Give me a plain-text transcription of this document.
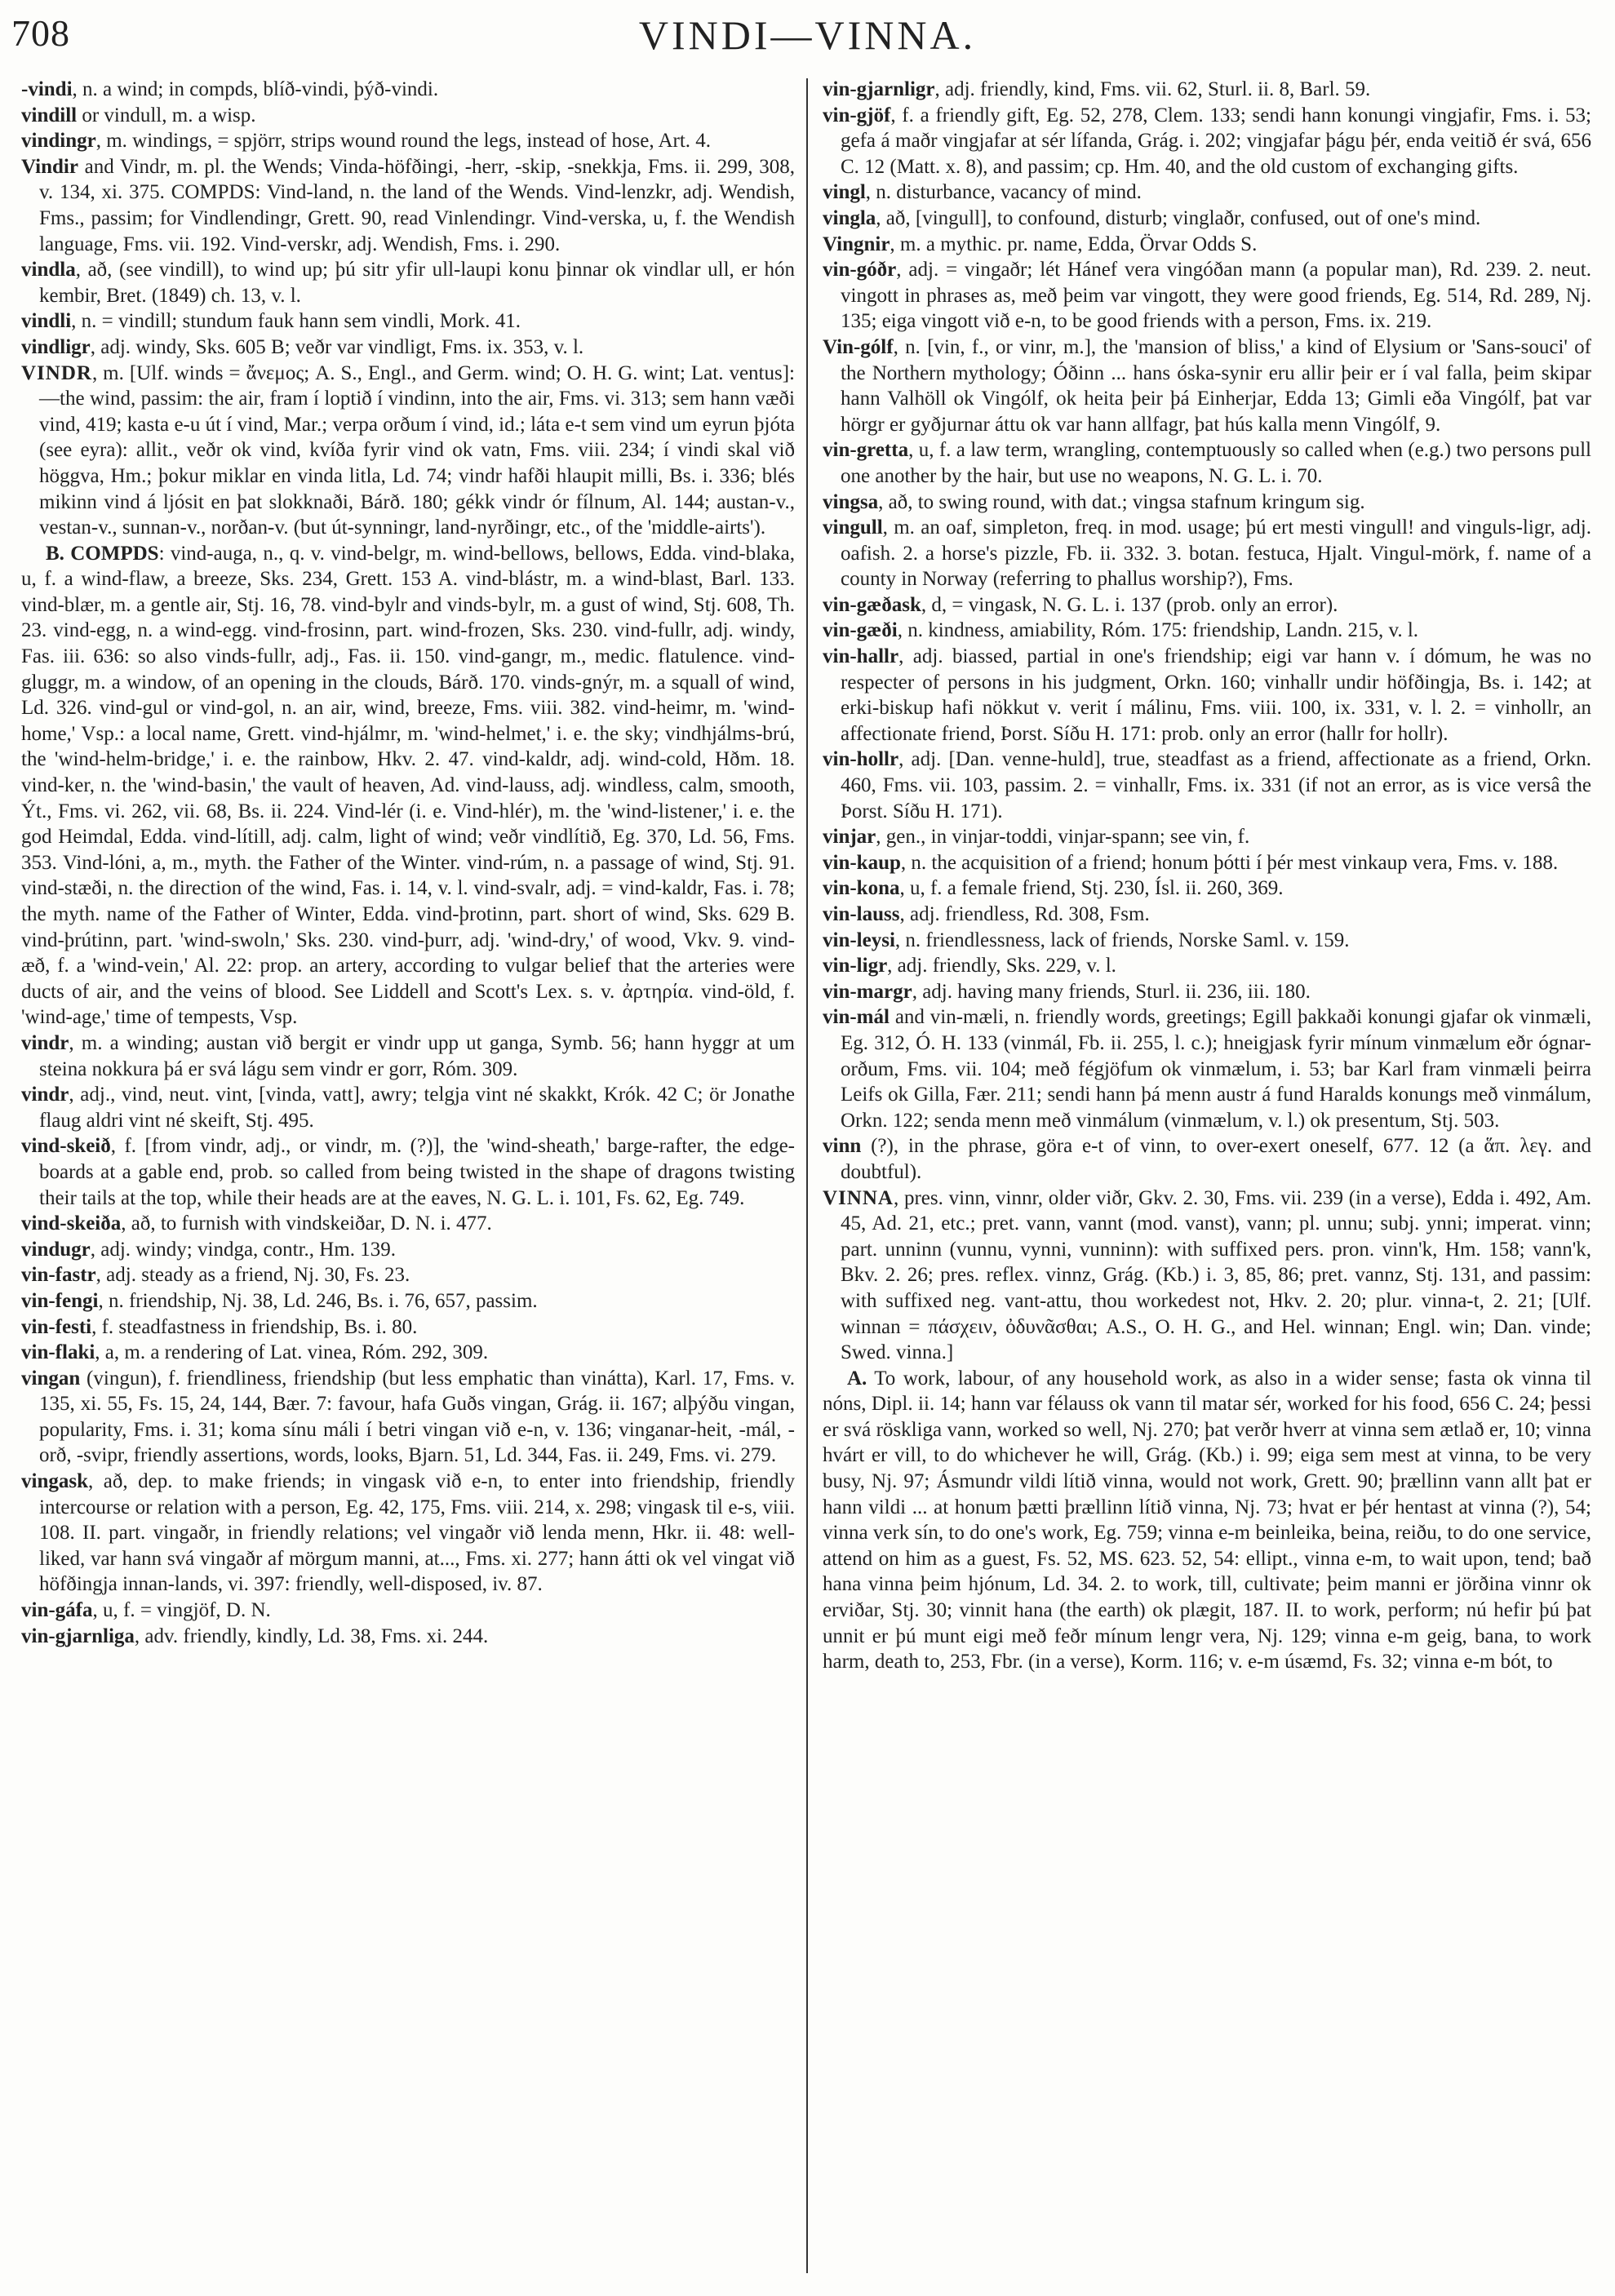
708	VINDI—VINNA.

-vindi, n. a wind; in compds, blíð-vindi, þýð-vindi.

vindill or vindull, m. a wisp.

vindingr, m. windings, = spjörr, strips wound round the legs, instead of hose, Art. 4.

Vindir and Vindr, m. pl. the Wends; Vinda-höfðingi, -herr, -skip, -snekkja, Fms. ii. 299, 308, v. 134, xi. 375. COMPDS: Vind-land, n. the land of the Wends. Vind-lenzkr, adj. Wendish, Fms., passim; for Vindlendingr, Grett. 90, read Vinlendingr. Vind-verska, u, f. the Wendish language, Fms. vii. 192. Vind-verskr, adj. Wendish, Fms. i. 290.

vindla, að, (see vindill), to wind up; þú sitr yfir ull-laupi konu þinnar ok vindlar ull, er hón kembir, Bret. (1849) ch. 13, v. l.

vindli, n. = vindill; stundum fauk hann sem vindli, Mork. 41.

vindligr, adj. windy, Sks. 605 B; veðr var vindligt, Fms. ix. 353, v. l.

VINDR, m. [Ulf. winds = ἄνεμος; A. S., Engl., and Germ. wind; O. H. G. wint; Lat. ventus]:—the wind, passim: the air, fram í loptið í vindinn, into the air, Fms. vi. 313; sem hann væði vind, 419; kasta e-u út í vind, Mar.; verpa orðum í vind, id.; láta e-t sem vind um eyrun þjóta (see eyra): allit., veðr ok vind, kvíða fyrir vind ok vatn, Fms. viii. 234; í vindi skal við höggva, Hm.; þokur miklar en vinda litla, Ld. 74; vindr hafði hlaupit milli, Bs. i. 336; blés mikinn vind á ljósit en þat slokknaði, Bárð. 180; gékk vindr ór fílnum, Al. 144; austan-v., vestan-v., sunnan-v., norðan-v. (but út-synningr, land-nyrðingr, etc., of the 'middle-airts').

B. COMPDS: vind-auga, n., q. v. vind-belgr, m. wind-bellows, bellows, Edda. vind-blaka, u, f. a wind-flaw, a breeze, Sks. 234, Grett. 153 A. vind-blástr, m. a wind-blast, Barl. 133. vind-blær, m. a gentle air, Stj. 16, 78. vind-bylr and vinds-bylr, m. a gust of wind, Stj. 608, Th. 23. vind-egg, n. a wind-egg. vind-frosinn, part. wind-frozen, Sks. 230. vind-fullr, adj. windy, Fas. iii. 636: so also vinds-fullr, adj., Fas. ii. 150. vind-gangr, m., medic. flatulence. vind-gluggr, m. a window, of an opening in the clouds, Bárð. 170. vinds-gnýr, m. a squall of wind, Ld. 326. vind-gul or vind-gol, n. an air, wind, breeze, Fms. viii. 382. vind-heimr, m. 'wind-home,' Vsp.: a local name, Grett. vind-hjálmr, m. 'wind-helmet,' i. e. the sky; vindhjálms-brú, the 'wind-helm-bridge,' i. e. the rainbow, Hkv. 2. 47. vind-kaldr, adj. wind-cold, Hðm. 18. vind-ker, n. the 'wind-basin,' the vault of heaven, Ad. vind-lauss, adj. windless, calm, smooth, Ýt., Fms. vi. 262, vii. 68, Bs. ii. 224. Vind-lér (i. e. Vind-hlér), m. the 'wind-listener,' i. e. the god Heimdal, Edda. vind-lítill, adj. calm, light of wind; veðr vindlítið, Eg. 370, Ld. 56, Fms. 353. Vind-lóni, a, m., myth. the Father of the Winter. vind-rúm, n. a passage of wind, Stj. 91. vind-stæði, n. the direction of the wind, Fas. i. 14, v. l. vind-svalr, adj. = vind-kaldr, Fas. i. 78; the myth. name of the Father of Winter, Edda. vind-þrotinn, part. short of wind, Sks. 629 B. vind-þrútinn, part. 'wind-swoln,' Sks. 230. vind-þurr, adj. 'wind-dry,' of wood, Vkv. 9. vind-æð, f. a 'wind-vein,' Al. 22: prop. an artery, according to vulgar belief that the arteries were ducts of air, and the veins of blood. See Liddell and Scott's Lex. s. v. ἀρτηρία. vind-öld, f. 'wind-age,' time of tempests, Vsp.

vindr, m. a winding; austan við bergit er vindr upp ut ganga, Symb. 56; hann hyggr at um steina nokkura þá er svá lágu sem vindr er gorr, Róm. 309.

vindr, adj., vind, neut. vint, [vinda, vatt], awry; telgja vint né skakkt, Krók. 42 C; ör Jonathe flaug aldri vint né skeift, Stj. 495.

vind-skeið, f. [from vindr, adj., or vindr, m. (?)], the 'wind-sheath,' barge-rafter, the edge-boards at a gable end, prob. so called from being twisted in the shape of dragons twisting their tails at the top, while their heads are at the eaves, N. G. L. i. 101, Fs. 62, Eg. 749.

vind-skeiða, að, to furnish with vindskeiðar, D. N. i. 477.

vindugr, adj. windy; vindga, contr., Hm. 139.

vin-fastr, adj. steady as a friend, Nj. 30, Fs. 23.

vin-fengi, n. friendship, Nj. 38, Ld. 246, Bs. i. 76, 657, passim.

vin-festi, f. steadfastness in friendship, Bs. i. 80.

vin-flaki, a, m. a rendering of Lat. vinea, Róm. 292, 309.

vingan (vingun), f. friendliness, friendship (but less emphatic than vinátta), Karl. 17, Fms. v. 135, xi. 55, Fs. 15, 24, 144, Bær. 7: favour, hafa Guðs vingan, Grág. ii. 167; alþýðu vingan, popularity, Fms. i. 31; koma sínu máli í betri vingan við e-n, v. 136; vinganar-heit, -mál, -orð, -svipr, friendly assertions, words, looks, Bjarn. 51, Ld. 344, Fas. ii. 249, Fms. vi. 279.

vingask, að, dep. to make friends; in vingask við e-n, to enter into friendship, friendly intercourse or relation with a person, Eg. 42, 175, Fms. viii. 214, x. 298; vingask til e-s, viii. 108. II. part. vingaðr, in friendly relations; vel vingaðr við lenda menn, Hkr. ii. 48: well-liked, var hann svá vingaðr af mörgum manni, at..., Fms. xi. 277; hann átti ok vel vingat við höfðingja innan-lands, vi. 397: friendly, well-disposed, iv. 87.

vin-gáfa, u, f. = vingjöf, D. N.

vin-gjarnliga, adv. friendly, kindly, Ld. 38, Fms. xi. 244.

vin-gjarnligr, adj. friendly, kind, Fms. vii. 62, Sturl. ii. 8, Barl. 59.

vin-gjöf, f. a friendly gift, Eg. 52, 278, Clem. 133; sendi hann konungi vingjafir, Fms. i. 53; gefa á maðr vingjafar at sér lífanda, Grág. i. 202; vingjafar þágu þér, enda veitið ér svá, 656 C. 12 (Matt. x. 8), and passim; cp. Hm. 40, and the old custom of exchanging gifts.

vingl, n. disturbance, vacancy of mind.

vingla, að, [vingull], to confound, disturb; vinglaðr, confused, out of one's mind.

Vingnir, m. a mythic. pr. name, Edda, Örvar Odds S.

vin-góðr, adj. = vingaðr; lét Hánef vera vingóðan mann (a popular man), Rd. 239. 2. neut. vingott in phrases as, með þeim var vingott, they were good friends, Eg. 514, Rd. 289, Nj. 135; eiga vingott við e-n, to be good friends with a person, Fms. ix. 219.

Vin-gólf, n. [vin, f., or vinr, m.], the 'mansion of bliss,' a kind of Elysium or 'Sans-souci' of the Northern mythology; Óðinn ... hans óska-synir eru allir þeir er í val falla, þeim skipar hann Valhöll ok Vingólf, ok heita þeir þá Einherjar, Edda 13; Gimli eða Vingólf, þat var hörgr er gyðjurnar áttu ok var hann allfagr, þat hús kalla menn Vingólf, 9.

vin-gretta, u, f. a law term, wrangling, contemptuously so called when (e.g.) two persons pull one another by the hair, but use no weapons, N. G. L. i. 70.

vingsa, að, to swing round, with dat.; vingsa stafnum kringum sig.

vingull, m. an oaf, simpleton, freq. in mod. usage; þú ert mesti vingull! and vinguls-ligr, adj. oafish. 2. a horse's pizzle, Fb. ii. 332. 3. botan. festuca, Hjalt. Vingul-mörk, f. name of a county in Norway (referring to phallus worship?), Fms.

vin-gæðask, d, = vingask, N. G. L. i. 137 (prob. only an error).

vin-gæði, n. kindness, amiability, Róm. 175: friendship, Landn. 215, v. l.

vin-hallr, adj. biassed, partial in one's friendship; eigi var hann v. í dómum, he was no respecter of persons in his judgment, Orkn. 160; vinhallr undir höfðingja, Bs. i. 142; at erki-biskup hafi nökkut v. verit í málinu, Fms. viii. 100, ix. 331, v. l. 2. = vinhollr, an affectionate friend, Þorst. Síðu H. 171: prob. only an error (hallr for hollr).

vin-hollr, adj. [Dan. venne-huld], true, steadfast as a friend, affectionate as a friend, Orkn. 460, Fms. vii. 103, passim. 2. = vinhallr, Fms. ix. 331 (if not an error, as is vice versâ the Þorst. Síðu H. 171).

vinjar, gen., in vinjar-toddi, vinjar-spann; see vin, f.

vin-kaup, n. the acquisition of a friend; honum þótti í þér mest vinkaup vera, Fms. v. 188.

vin-kona, u, f. a female friend, Stj. 230, Ísl. ii. 260, 369.

vin-lauss, adj. friendless, Rd. 308, Fsm.

vin-leysi, n. friendlessness, lack of friends, Norske Saml. v. 159.

vin-ligr, adj. friendly, Sks. 229, v. l.

vin-margr, adj. having many friends, Sturl. ii. 236, iii. 180.

vin-mál and vin-mæli, n. friendly words, greetings; Egill þakkaði konungi gjafar ok vinmæli, Eg. 312, Ó. H. 133 (vinmál, Fb. ii. 255, l. c.); hneigjask fyrir mínum vinmælum eðr ógnar-orðum, Fms. vii. 104; með fégjöfum ok vinmælum, i. 53; bar Karl fram vinmæli þeirra Leifs ok Gilla, Fær. 211; sendi hann þá menn austr á fund Haralds konungs með vinmálum, Orkn. 122; senda menn með vinmálum (vinmælum, v. l.) ok presentum, Stj. 503.

vinn (?), in the phrase, göra e-t of vinn, to over-exert oneself, 677. 12 (a ἅπ. λεγ. and doubtful).

VINNA, pres. vinn, vinnr, older viðr, Gkv. 2. 30, Fms. vii. 239 (in a verse), Edda i. 492, Am. 45, Ad. 21, etc.; pret. vann, vannt (mod. vanst), vann; pl. unnu; subj. ynni; imperat. vinn; part. unninn (vunnu, vynni, vunninn): with suffixed pers. pron. vinn'k, Hm. 158; vann'k, Bkv. 2. 26; pres. reflex. vinnz, Grág. (Kb.) i. 3, 85, 86; pret. vannz, Stj. 131, and passim: with suffixed neg. vant-attu, thou workedest not, Hkv. 2. 20; plur. vinna-t, 2. 21; [Ulf. winnan = πάσχειν, ὀδυνᾶσθαι; A.S., O. H. G., and Hel. winnan; Engl. win; Dan. vinde; Swed. vinna.]

A. To work, labour, of any household work, as also in a wider sense; fasta ok vinna til nóns, Dipl. ii. 14; hann var félauss ok vann til matar sér, worked for his food, 656 C. 24; þessi er svá röskliga vann, worked so well, Nj. 270; þat verðr hverr at vinna sem ætlað er, 10; vinna hvárt er vill, to do whichever he will, Grág. (Kb.) i. 99; eiga sem mest at vinna, to be very busy, Nj. 97; Ásmundr vildi lítið vinna, would not work, Grett. 90; þrællinn vann allt þat er hann vildi ... at honum þætti þrællinn lítið vinna, Nj. 73; hvat er þér hentast at vinna (?), 54; vinna verk sín, to do one's work, Eg. 759; vinna e-m beinleika, beina, reiðu, to do one service, attend on him as a guest, Fs. 52, MS. 623. 52, 54: ellipt., vinna e-m, to wait upon, tend; bað hana vinna þeim hjónum, Ld. 34. 2. to work, till, cultivate; þeim manni er jörðina vinnr ok erviðar, Stj. 30; vinnit hana (the earth) ok plægit, 187. II. to work, perform; nú hefir þú þat unnit er þú munt eigi með feðr mínum lengr vera, Nj. 129; vinna e-m geig, bana, to work harm, death to, 253, Fbr. (in a verse), Korm. 116; v. e-m úsæmd, Fs. 32; vinna e-m bót, to
